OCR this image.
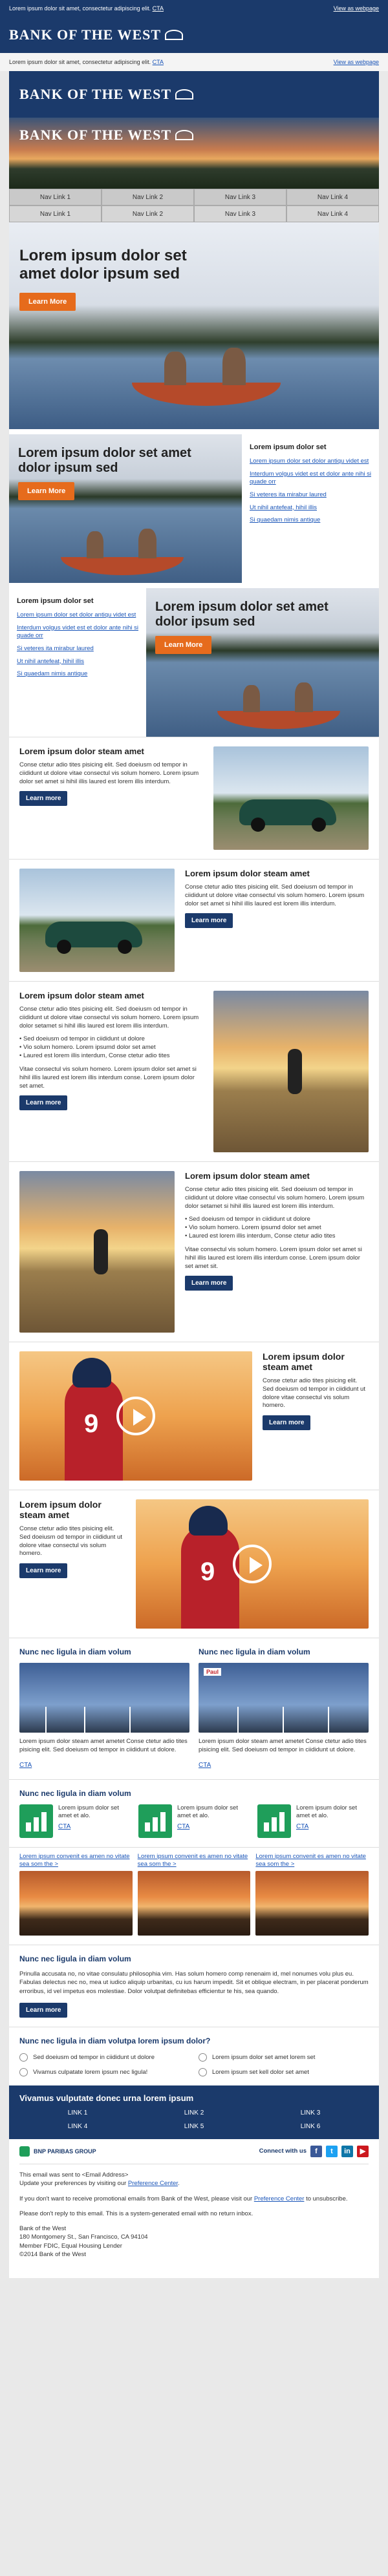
Lorem ipsum dolor sit amet, consectetur adipiscing elit. CTA	View as webpage
BANK OF THE WEST
Lorem ipsum dolor sit amet, consectetur adipiscing elit. CTA	View as webpage
BANK OF THE WEST
BANK OF THE WEST
Nav Link 1	Nav Link 2	Nav Link 3	Nav Link 4
Nav Link 1	Nav Link 2	Nav Link 3	Nav Link 4
Lorem ipsum dolor set amet dolor ipsum sed
Learn More
Lorem ipsum dolor set amet dolor ipsum sed
Learn More
Lorem ipsum dolor set
Lorem ipsum dolor set dolor antiqu videt est
Interdum volgus videt est et dolor ante nihi si quade orr
Si veteres ita mirabur laured
Ut nihil antefeat, hihil illis
Si quaedam nimis antique
Lorem ipsum dolor set
Lorem ipsum dolor set dolor antiqu videt est
Interdum volgus videt est et dolor ante nihi si quade orr
Si veteres ita mirabur laured
Ut nihil antefeat, hihil illis
Si quaedam nimis antique
Lorem ipsum dolor set amet dolor ipsum sed
Learn More
Lorem ipsum dolor steam amet

Conse ctetur adio tites pisicing elit. Sed doeiusm od tempor in ciididunt ut dolore vitae consectul vis solum homero. Lorem ipsum dolor set amet si hihil illis laured est lorem illis interdum.

Learn more
Lorem ipsum dolor steam amet

Conse ctetur adio tites pisicing elit. Sed doeiusm od tempor in ciididunt ut dolore vitae consectul vis solum homero. Lorem ipsum dolor set amet si hihil illis laured est lorem illis interdum.

Learn more
Lorem ipsum dolor steam amet

Conse ctetur adio tites pisicing elit. Sed doeiusm od tempor in ciididunt ut dolore vitae consectul vis solum homero. Lorem ipsum dolor setamet si hihil illis laured est lorem illis interdum.

• Sed doeiusm od tempor in ciididunt ut dolore
• Vio solum homero. Lorem ipsumd dolor set amet
• Laured est lorem illis interdum, Conse ctetur adio tites

Vitae consectul vis solum homero. Lorem ipsum dolor set amet si hihil illis laured est lorem illis interdum conse. Lorem ipsum dolor set amet.

Learn more
Lorem ipsum dolor steam amet

Conse ctetur adio tites pisicing elit. Sed doeiusm od tempor in ciididunt ut dolore vitae consectul vis solum homero. Lorem ipsum dolor setamet si hihil illis laured est lorem illis interdum.

• Sed doeiusm od tempor in ciididunt ut dolore
• Vio solum homero. Lorem ipsumd dolor set amet
• Laured est lorem illis interdum, Conse ctetur adio tites

Vitae consectul vis solum homero. Lorem ipsum dolor set amet si hihil illis laured est lorem illis interdum conse. Lorem ipsum dolor set amet sit.

Learn more
9
Lorem ipsum dolor steam amet

Conse ctetur adio tites pisicing elit. Sed doeiusm od tempor in ciididunt ut dolore vitae consectul vis solum homero.

Learn more
Lorem ipsum dolor steam amet

Conse ctetur adio tites pisicing elit. Sed doeiusm od tempor in ciididunt ut dolore vitae consectul vis solum homero.

Learn more	9
Nunc nec ligula in diam volum

Lorem ipsum dolor steam amet ametet Conse ctetur adio tites pisicing elit. Sed doeiusm od tempor in ciididunt ut dolore.

CTA
Nunc nec ligula in diam volum
Paul

Lorem ipsum dolor steam amet ametet Conse ctetur adio tites pisicing elit. Sed doeiusm od tempor in ciididunt ut dolore.

CTA
Nunc nec ligula in diam volum

Lorem ipsum dolor set amet et alo.

CTA

Lorem ipsum dolor set amet et alo.

CTA

Lorem ipsum dolor set amet et alo.

CTA
Lorem ipsum convenit es amen no vitate sea som the >
Lorem ipsum convenit es amen no vitate sea som the >
Lorem ipsum convenit es amen no vitate sea som the >
Nunc nec ligula in diam volum

Prinulla accusata no, no vitae consulatu philosophia vim. Has solum homero comp renenaim id, mel nonumes volu plus eu. Fabulas delectus nec no, mea ut iudico aliquip urbanitas, cu ius harum impedit. Sit et oblique electram, in per placerat ponderum erroribus, id vel impetus eos molestiae. Dolor volutpat definitebas efficientur te his, sea quando.

Learn more
Nunc nec ligula in diam volutpa lorem ipsum dolor?
Sed doeiusm od tempor in ciididunt ut dolore	Lorem ipsum dolor set amet lorem set
Vivamus culpatate lorem ipsum nec ligula!	Lorem ipsum set kell dolor set amet
Vivamus vulputate donec urna lorem ipsum
LINK 1	LINK 2	LINK 3
LINK 4	LINK 5	LINK 6
BNP PARIBAS GROUP	Connect with us	f	t	in	▶

This email was sent to <Email Address>
Update your preferences by visiting our Preference Center.

If you don't want to receive promotional emails from Bank of the West, please visit our Preference Center to unsubscribe.

Please don't reply to this email. This is a system-generated email with no return inbox.

Bank of the West
180 Montgomery St., San Francisco, CA 94104
Member FDIC, Equal Housing Lender
©2014 Bank of the West
